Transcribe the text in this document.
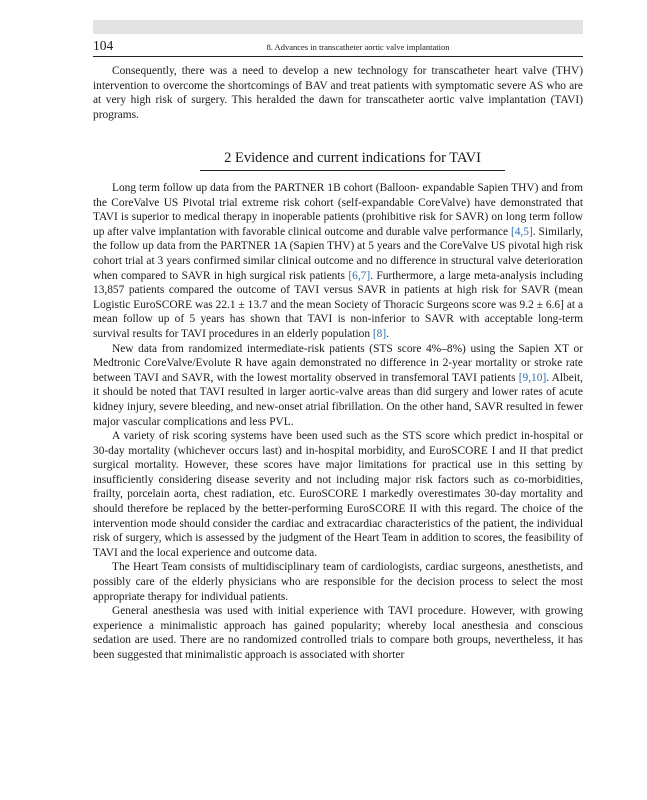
104	8. Advances in transcatheter aortic valve implantation

Consequently, there was a need to develop a new technology for transcatheter heart valve (THV) intervention to overcome the shortcomings of BAV and treat patients with symptomatic severe AS who are at very high risk of surgery. This heralded the dawn for transcatheter aortic valve implantation (TAVI) programs.

2 Evidence and current indications for TAVI

Long term follow up data from the PARTNER 1B cohort (Balloon- expandable Sapien THV) and from the CoreValve US Pivotal trial extreme risk cohort (self-expandable CoreValve) have demonstrated that TAVI is superior to medical therapy in inoperable patients (prohibitive risk for SAVR) on long term follow up after valve implantation with favorable clinical outcome and durable valve performance [4,5]. Similarly, the follow up data from the PARTNER 1A (Sapien THV) at 5 years and the CoreValve US pivotal high risk cohort trial at 3 years confirmed similar clinical outcome and no difference in structural valve deterioration when compared to SAVR in high surgical risk patients [6,7]. Furthermore, a large meta-analysis including 13,857 patients compared the outcome of TAVI versus SAVR in patients at high risk for SAVR (mean Logistic EuroSCORE was 22.1 ± 13.7 and the mean Society of Thoracic Surgeons score was 9.2 ± 6.6] at a mean follow up of 5 years has shown that TAVI is non-inferior to SAVR with acceptable long-term survival results for TAVI procedures in an elderly population [8].

New data from randomized intermediate-risk patients (STS score 4%–8%) using the Sapien XT or Medtronic CoreValve/Evolute R have again demonstrated no difference in 2-year mortality or stroke rate between TAVI and SAVR, with the lowest mortality observed in transfemoral TAVI patients [9,10]. Albeit, it should be noted that TAVI resulted in larger aortic-valve areas than did surgery and lower rates of acute kidney injury, severe bleeding, and new-onset atrial fibrillation. On the other hand, SAVR resulted in fewer major vascular complications and less PVL.

A variety of risk scoring systems have been used such as the STS score which predict in-hospital or 30-day mortality (whichever occurs last) and in-hospital morbidity, and EuroSCORE I and II that predict surgical mortality. However, these scores have major limitations for practical use in this setting by insufficiently considering disease severity and not including major risk factors such as co-morbidities, frailty, porcelain aorta, chest radiation, etc. EuroSCORE I markedly overestimates 30-day mortality and should therefore be replaced by the better-performing EuroSCORE II with this regard. The choice of the intervention mode should consider the cardiac and extracardiac characteristics of the patient, the individual risk of surgery, which is assessed by the judgment of the Heart Team in addition to scores, the feasibility of TAVI and the local experience and outcome data.

The Heart Team consists of multidisciplinary team of cardiologists, cardiac surgeons, anesthetists, and possibly care of the elderly physicians who are responsible for the decision process to select the most appropriate therapy for individual patients.

General anesthesia was used with initial experience with TAVI procedure. However, with growing experience a minimalistic approach has gained popularity; whereby local anesthesia and conscious sedation are used. There are no randomized controlled trials to compare both groups, nevertheless, it has been suggested that minimalistic approach is associated with shorter
